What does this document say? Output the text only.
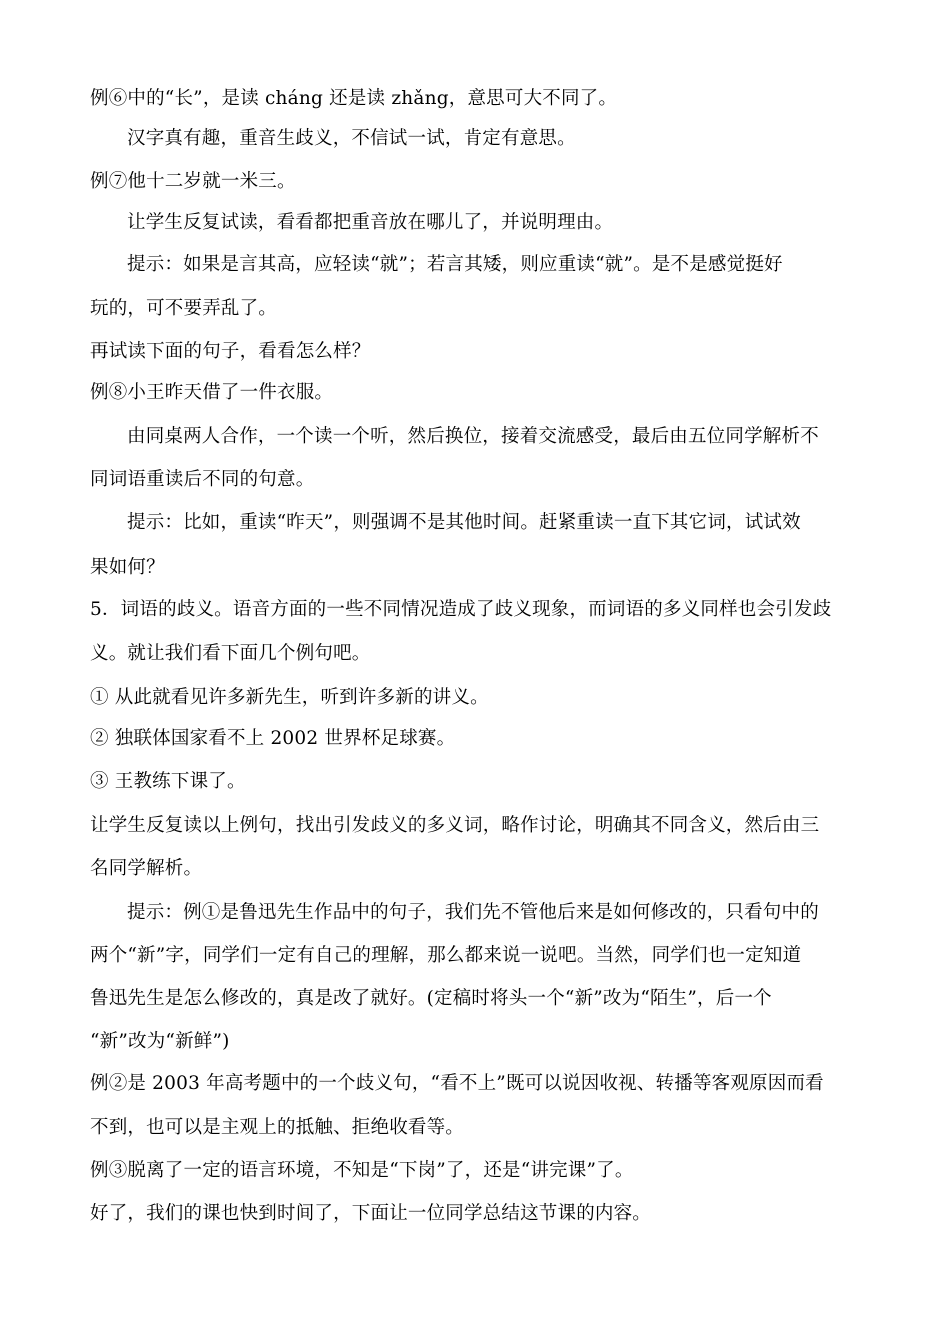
例⑥中的“长”，是读 cháng 还是读 zhǎng，意思可大不同了。
汉字真有趣，重音生歧义，不信试一试，肯定有意思。
例⑦他十二岁就一米三。
让学生反复试读，看看都把重音放在哪儿了，并说明理由。
提示：如果是言其高，应轻读“就”；若言其矮，则应重读“就”。是不是感觉挺好
玩的，可不要弄乱了。
再试读下面的句子，看看怎么样？
例⑧小王昨天借了一件衣服。
由同桌两人合作，一个读一个听，然后换位，接着交流感受，最后由五位同学解析不
同词语重读后不同的句意。
提示：比如，重读“昨天”，则强调不是其他时间。赶紧重读一直下其它词，试试效
果如何？
5．词语的歧义。语音方面的一些不同情况造成了歧义现象，而词语的多义同样也会引发歧
义。就让我们看下面几个例句吧。
① 从此就看见许多新先生，听到许多新的讲义。
② 独联体国家看不上 2002 世界杯足球赛。
③ 王教练下课了。
让学生反复读以上例句，找出引发歧义的多义词，略作讨论，明确其不同含义，然后由三
名同学解析。
提示：例①是鲁迅先生作品中的句子，我们先不管他后来是如何修改的，只看句中的
两个“新”字，同学们一定有自己的理解，那么都来说一说吧。当然，同学们也一定知道
鲁迅先生是怎么修改的，真是改了就好。(定稿时将头一个“新”改为“陌生”，后一个
“新”改为“新鲜”)
例②是 2003 年高考题中的一个歧义句，“看不上”既可以说因收视、转播等客观原因而看
不到，也可以是主观上的抵触、拒绝收看等。
例③脱离了一定的语言环境，不知是“下岗”了，还是“讲完课”了。
好了，我们的课也快到时间了，下面让一位同学总结这节课的内容。
